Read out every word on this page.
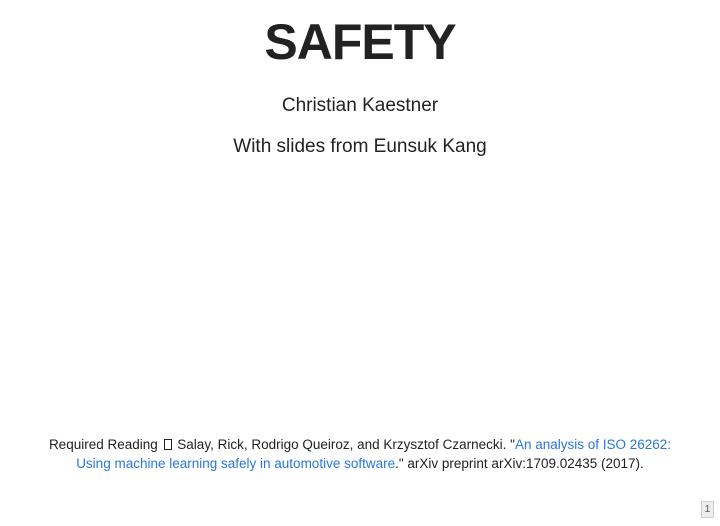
SAFETY
Christian Kaestner
With slides from Eunsuk Kang
Required Reading  Salay, Rick, Rodrigo Queiroz, and Krzysztof Czarnecki. "An analysis of ISO 26262: Using machine learning safely in automotive software." arXiv preprint arXiv:1709.02435 (2017).
1
